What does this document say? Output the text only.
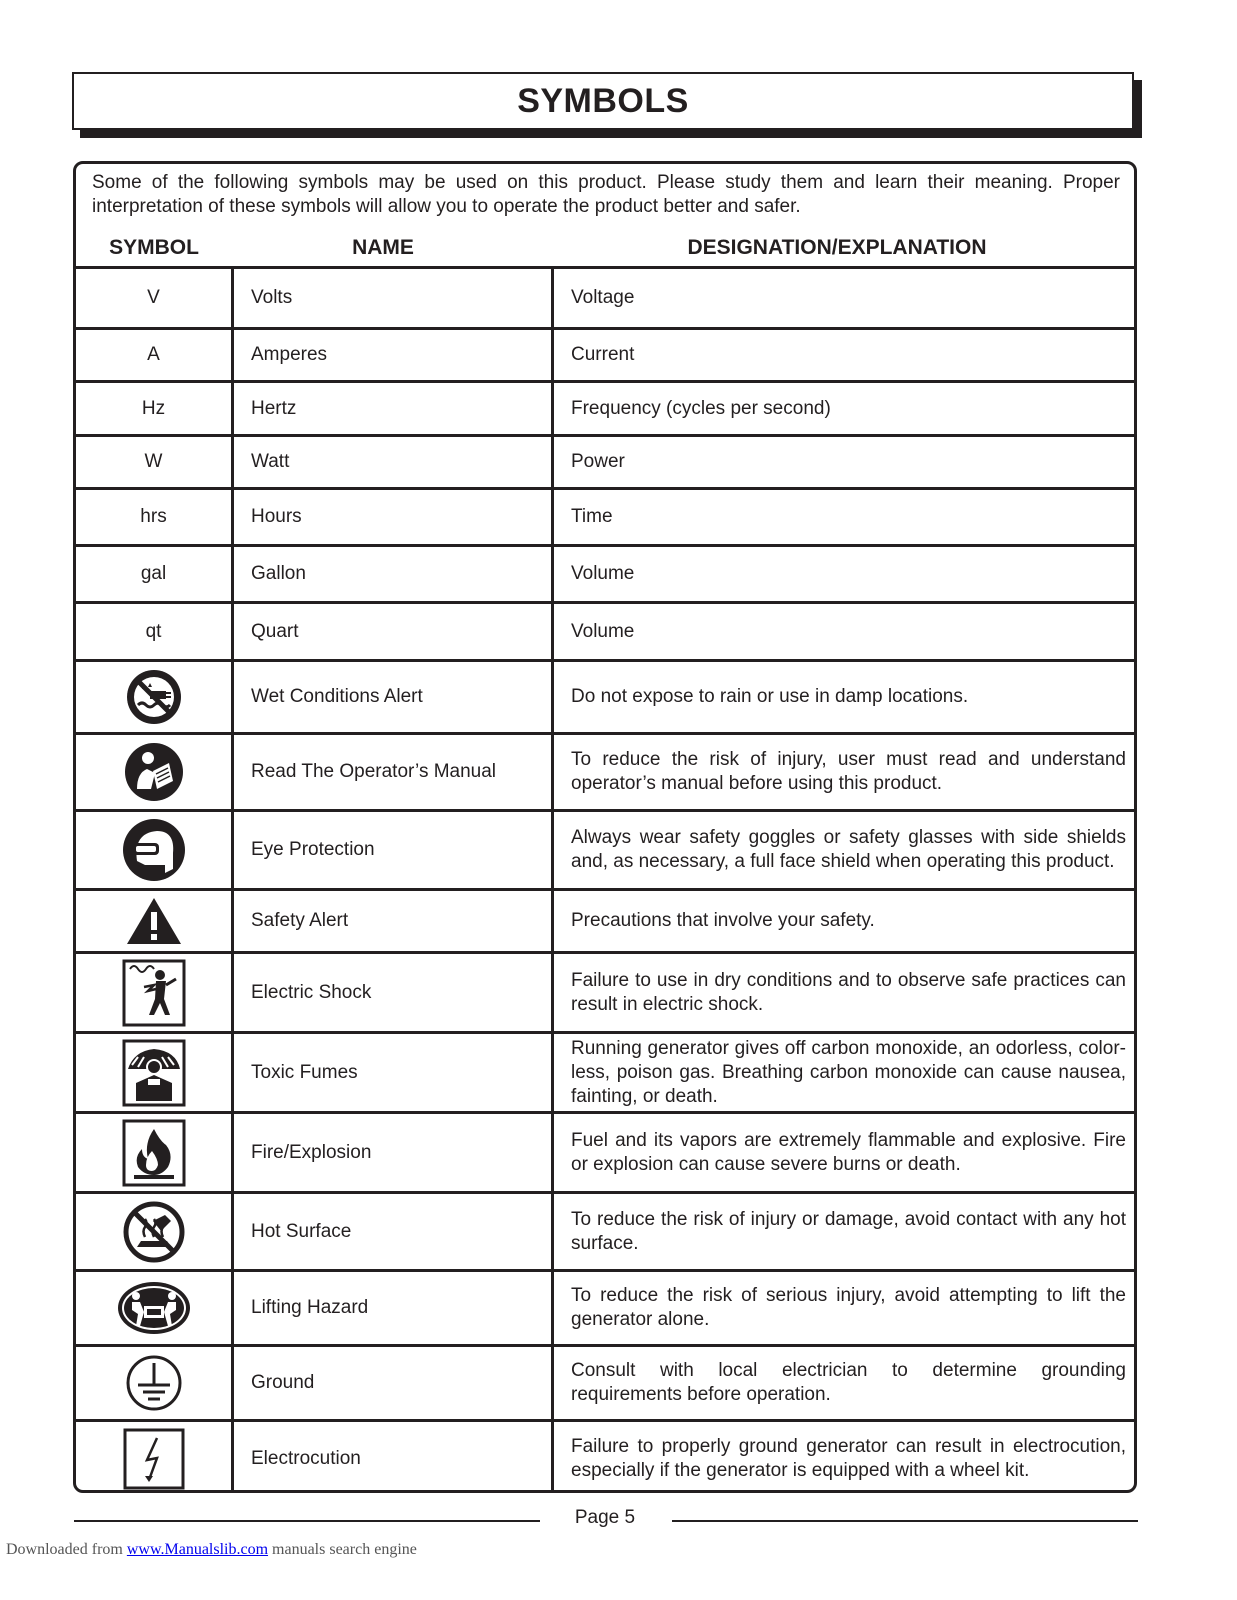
SYMBOLS
Some of the following symbols may be used on this product. Please study them and learn their meaning. Proper interpretation of these symbols will allow you to operate the product better and safer.
SYMBOL	NAME	DESIGNATION/EXPLANATION
V	Volts	Voltage
A	Amperes	Current
Hz	Hertz	Frequency (cycles per second)
W	Watt	Power
hrs	Hours	Time
gal	Gallon	Volume
qt	Quart	Volume
	Wet Conditions Alert	Do not expose to rain or use in damp locations.
	Read The Operator’s Manual	To reduce the risk of injury, user must read and understand operator’s manual before using this product.
	Eye Protection	Always wear safety goggles or safety glasses with side shields and, as necessary, a full face shield when operating this product.
	Safety Alert	Precautions that involve your safety.
	Electric Shock	Failure to use in dry conditions and to observe safe practices can result in electric shock.
	Toxic Fumes	Running generator gives off carbon monoxide, an odorless, color-less, poison gas. Breathing carbon monoxide can cause nausea, fainting, or death.
	Fire/Explosion	Fuel and its vapors are extremely flammable and explosive. Fire or explosion can cause severe burns or death.
	Hot Surface	To reduce the risk of injury or damage, avoid contact with any hot surface.
	Lifting Hazard	To reduce the risk of serious injury, avoid attempting to lift the generator alone.
	Ground	Consult with local electrician to determine grounding requirements before operation.
	Electrocution	Failure to properly ground generator can result in electrocution, especially if the generator is equipped with a wheel kit.
Page 5
Downloaded from www.Manualslib.com manuals search engine
